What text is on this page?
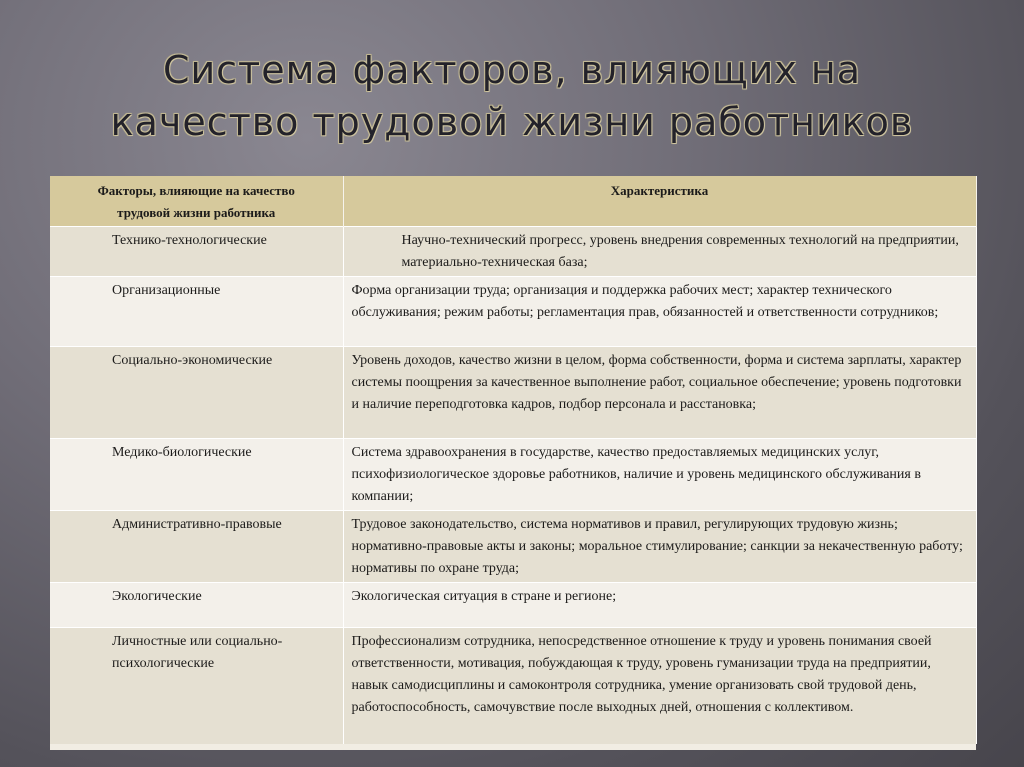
Система факторов, влияющих на
качество трудовой жизни работников
Факторы, влияющие на качество трудовой жизни работника	Характеристика
Технико-технологические	Научно-технический прогресс, уровень внедрения современных технологий на предприятии, материально-техническая база;
Организационные	Форма организации труда; организация и поддержка рабочих мест; характер технического обслуживания; режим работы; регламентация прав, обязанностей и ответственности сотрудников;
Социально-экономические	Уровень доходов, качество жизни в целом, форма собственности, форма и система зарплаты, характер системы поощрения за качественное выполнение работ, социальное обеспечение; уровень подготовки и наличие переподготовка кадров, подбор персонала и расстановка;
Медико-биологические	Система здравоохранения в государстве, качество предоставляемых медицинских услуг, психофизиологическое здоровье работников, наличие и уровень медицинского обслуживания в компании;
Административно-правовые	Трудовое законодательство, система нормативов и правил, регулирующих трудовую жизнь; нормативно-правовые акты и законы; моральное стимулирование; санкции за некачественную работу; нормативы по охране труда;
Экологические	Экологическая ситуация в стране и регионе;
Личностные или социально-психологические	Профессионализм сотрудника, непосредственное отношение к труду и уровень понимания своей ответственности, мотивация, побуждающая к труду, уровень гуманизации труда на предприятии, навык самодисциплины и самоконтроля сотрудника, умение организовать свой трудовой день, работоспособность, самочувствие после выходных дней, отношения с коллективом.
